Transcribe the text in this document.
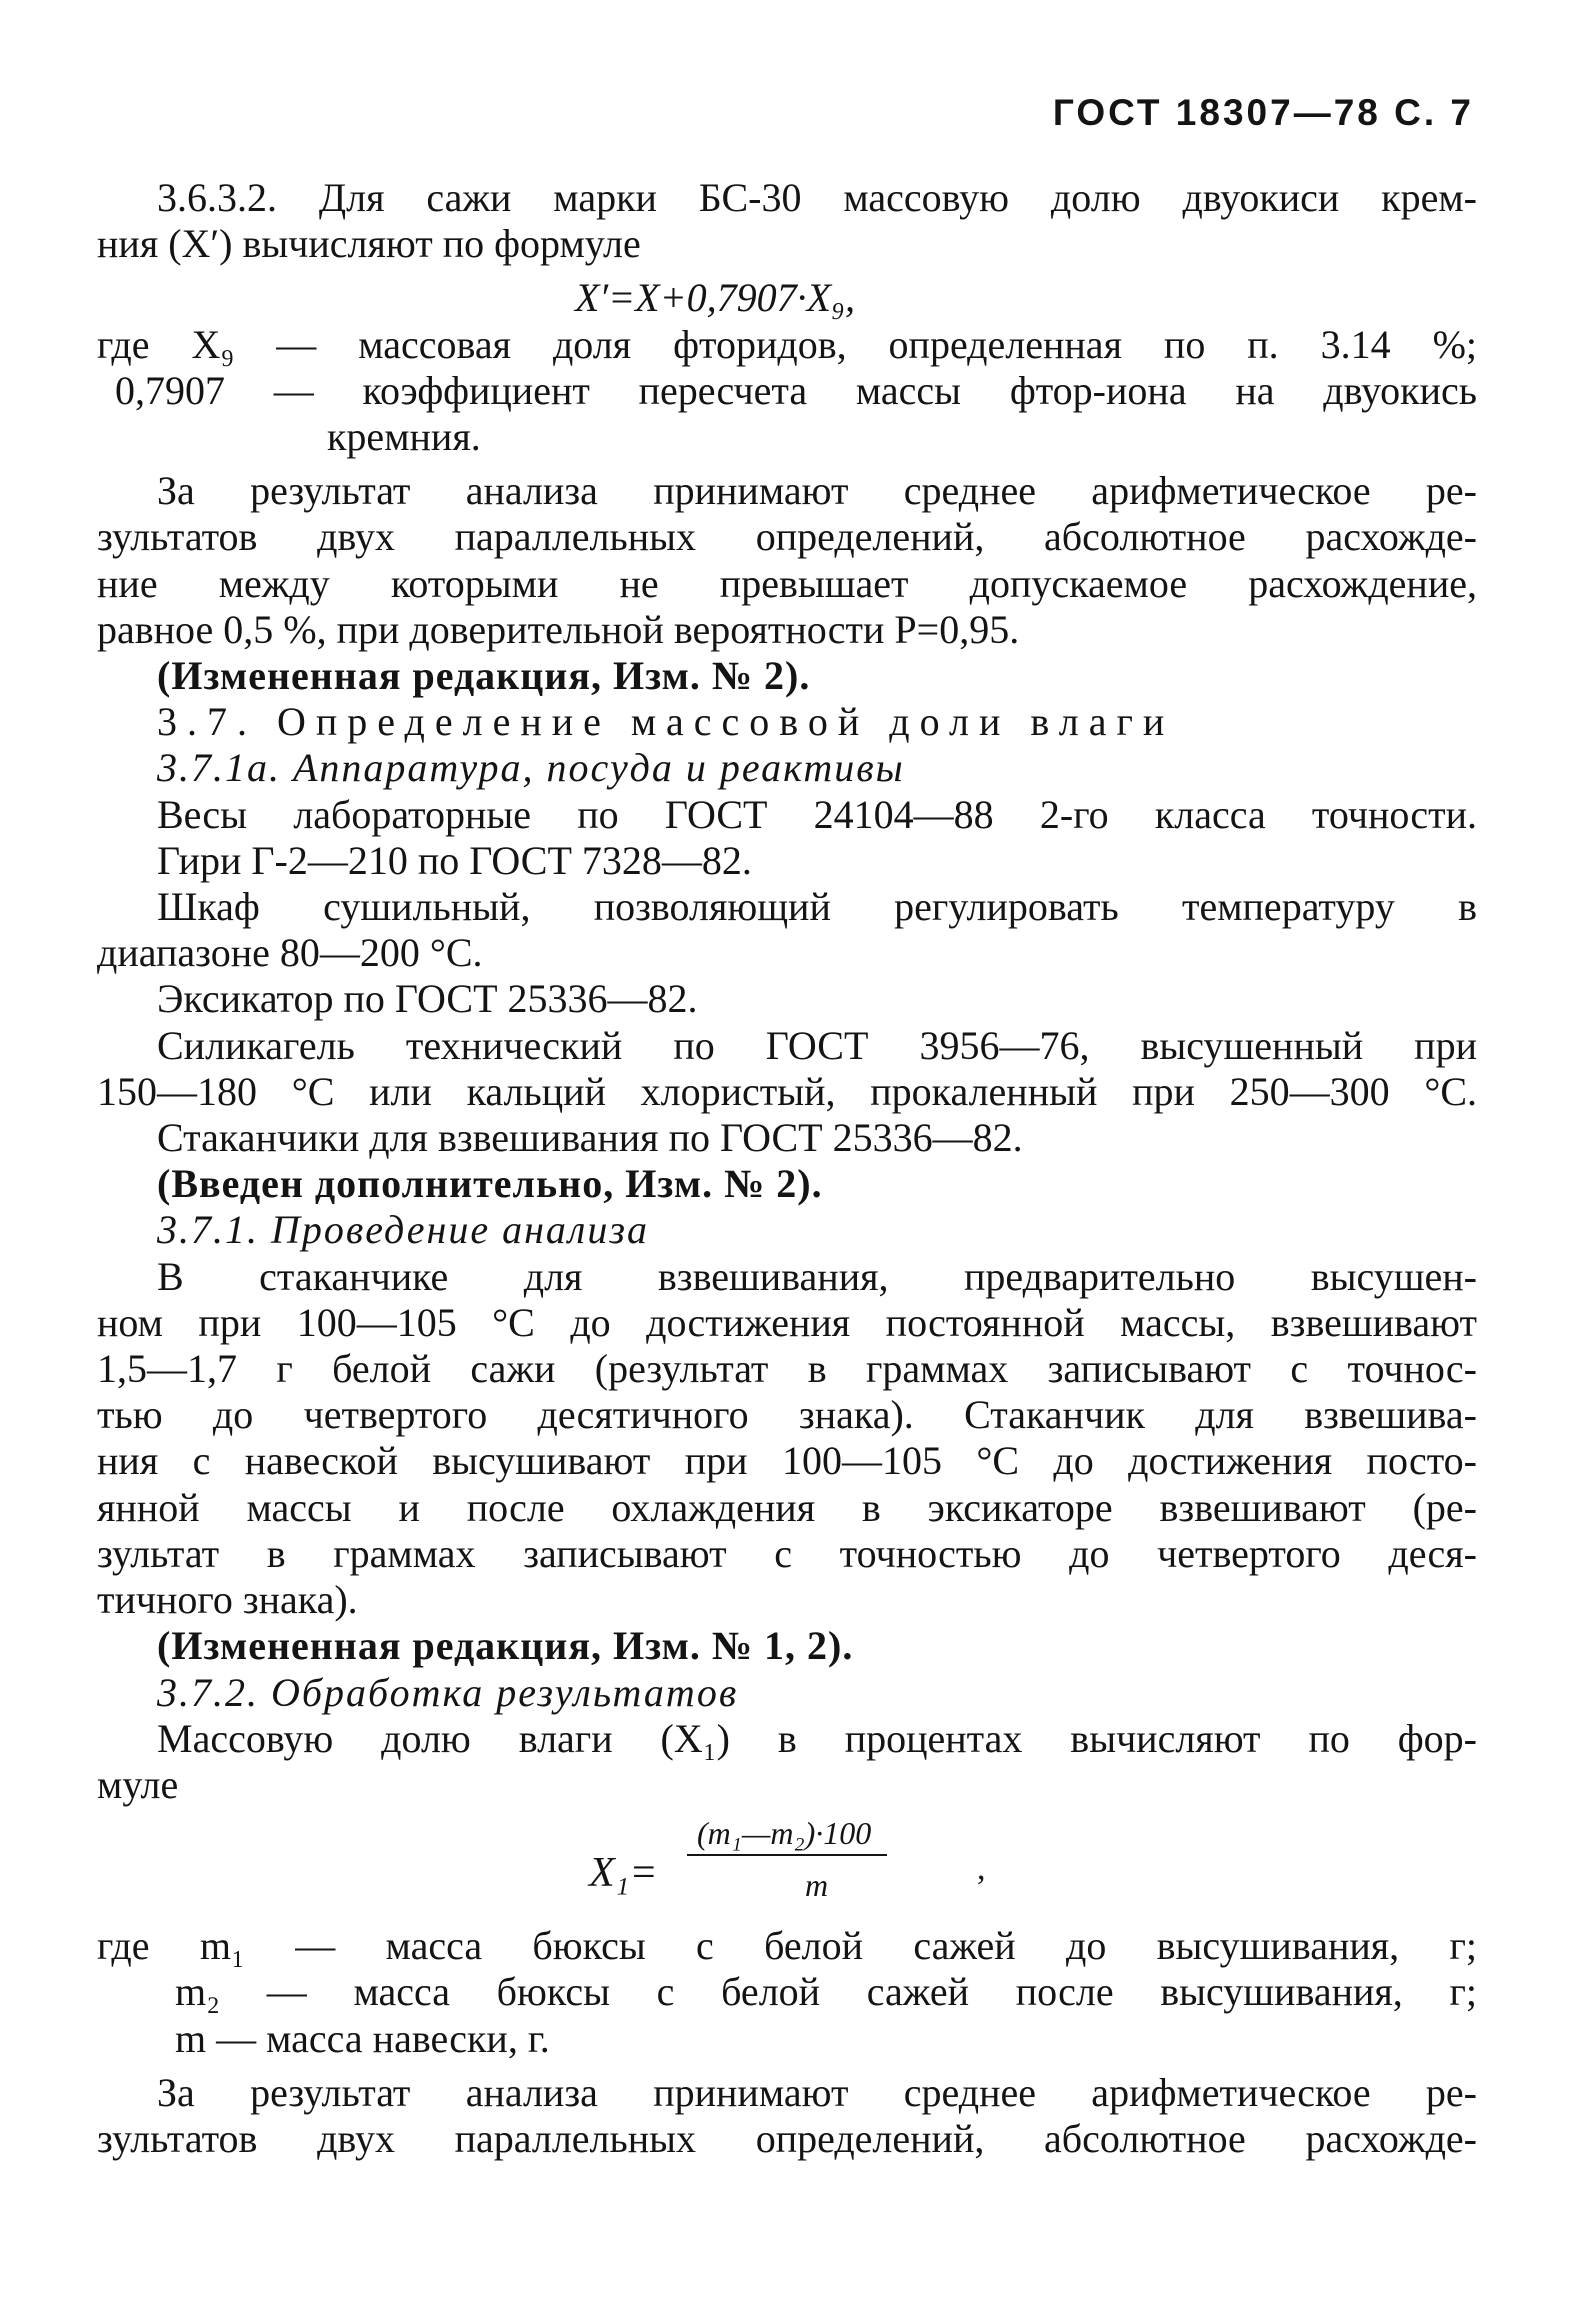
ГОСТ 18307—78 С. 7
3.6.3.2. Для сажи марки БС-30 массовую долю двуокиси крем-
ния (X′) вычисляют по формуле
X′=X+0,7907·X₉,
где X₉ — массовая доля фторидов, определенная по п. 3.14 %;
0,7907 — коэффициент пересчета массы фтор-иона на двуокись
кремния.
За результат анализа принимают среднее арифметическое ре-
зультатов двух параллельных определений, абсолютное расхожде-
ние между которыми не превышает допускаемое расхождение,
равное 0,5 %, при доверительной вероятности P=0,95.
(Измененная редакция, Изм. № 2).
3.7. Определение массовой доли влаги
3.7.1а. Аппаратура, посуда и реактивы
Весы лабораторные по ГОСТ 24104—88 2-го класса точности.
Гири Г-2—210 по ГОСТ 7328—82.
Шкаф сушильный, позволяющий регулировать температуру в
диапазоне 80—200 °С.
Эксикатор по ГОСТ 25336—82.
Силикагель технический по ГОСТ 3956—76, высушенный при
150—180 °С или кальций хлористый, прокаленный при 250—300 °С.
Стаканчики для взвешивания по ГОСТ 25336—82.
(Введен дополнительно, Изм. № 2).
3.7.1. Проведение анализа
В стаканчике для взвешивания, предварительно высушен-
ном при 100—105 °С до достижения постоянной массы, взвешивают
1,5—1,7 г белой сажи (результат в граммах записывают с точнос-
тью до четвертого десятичного знака). Стаканчик для взвешива-
ния с навеской высушивают при 100—105 °С до достижения посто-
янной массы и после охлаждения в эксикаторе взвешивают (ре-
зультат в граммах записывают с точностью до четвертого деся-
тичного знака).
(Измененная редакция, Изм. № 1, 2).
3.7.2. Обработка результатов
Массовую долю влаги (X₁) в процентах вычисляют по фор-
муле
X₁=
(m₁—m₂)·100
m	,
где m₁ — масса бюксы с белой сажей до высушивания, г;
m₂ — масса бюксы с белой сажей после высушивания, г;
m — масса навески, г.
За результат анализа принимают среднее арифметическое ре-
зультатов двух параллельных определений, абсолютное расхожде-
